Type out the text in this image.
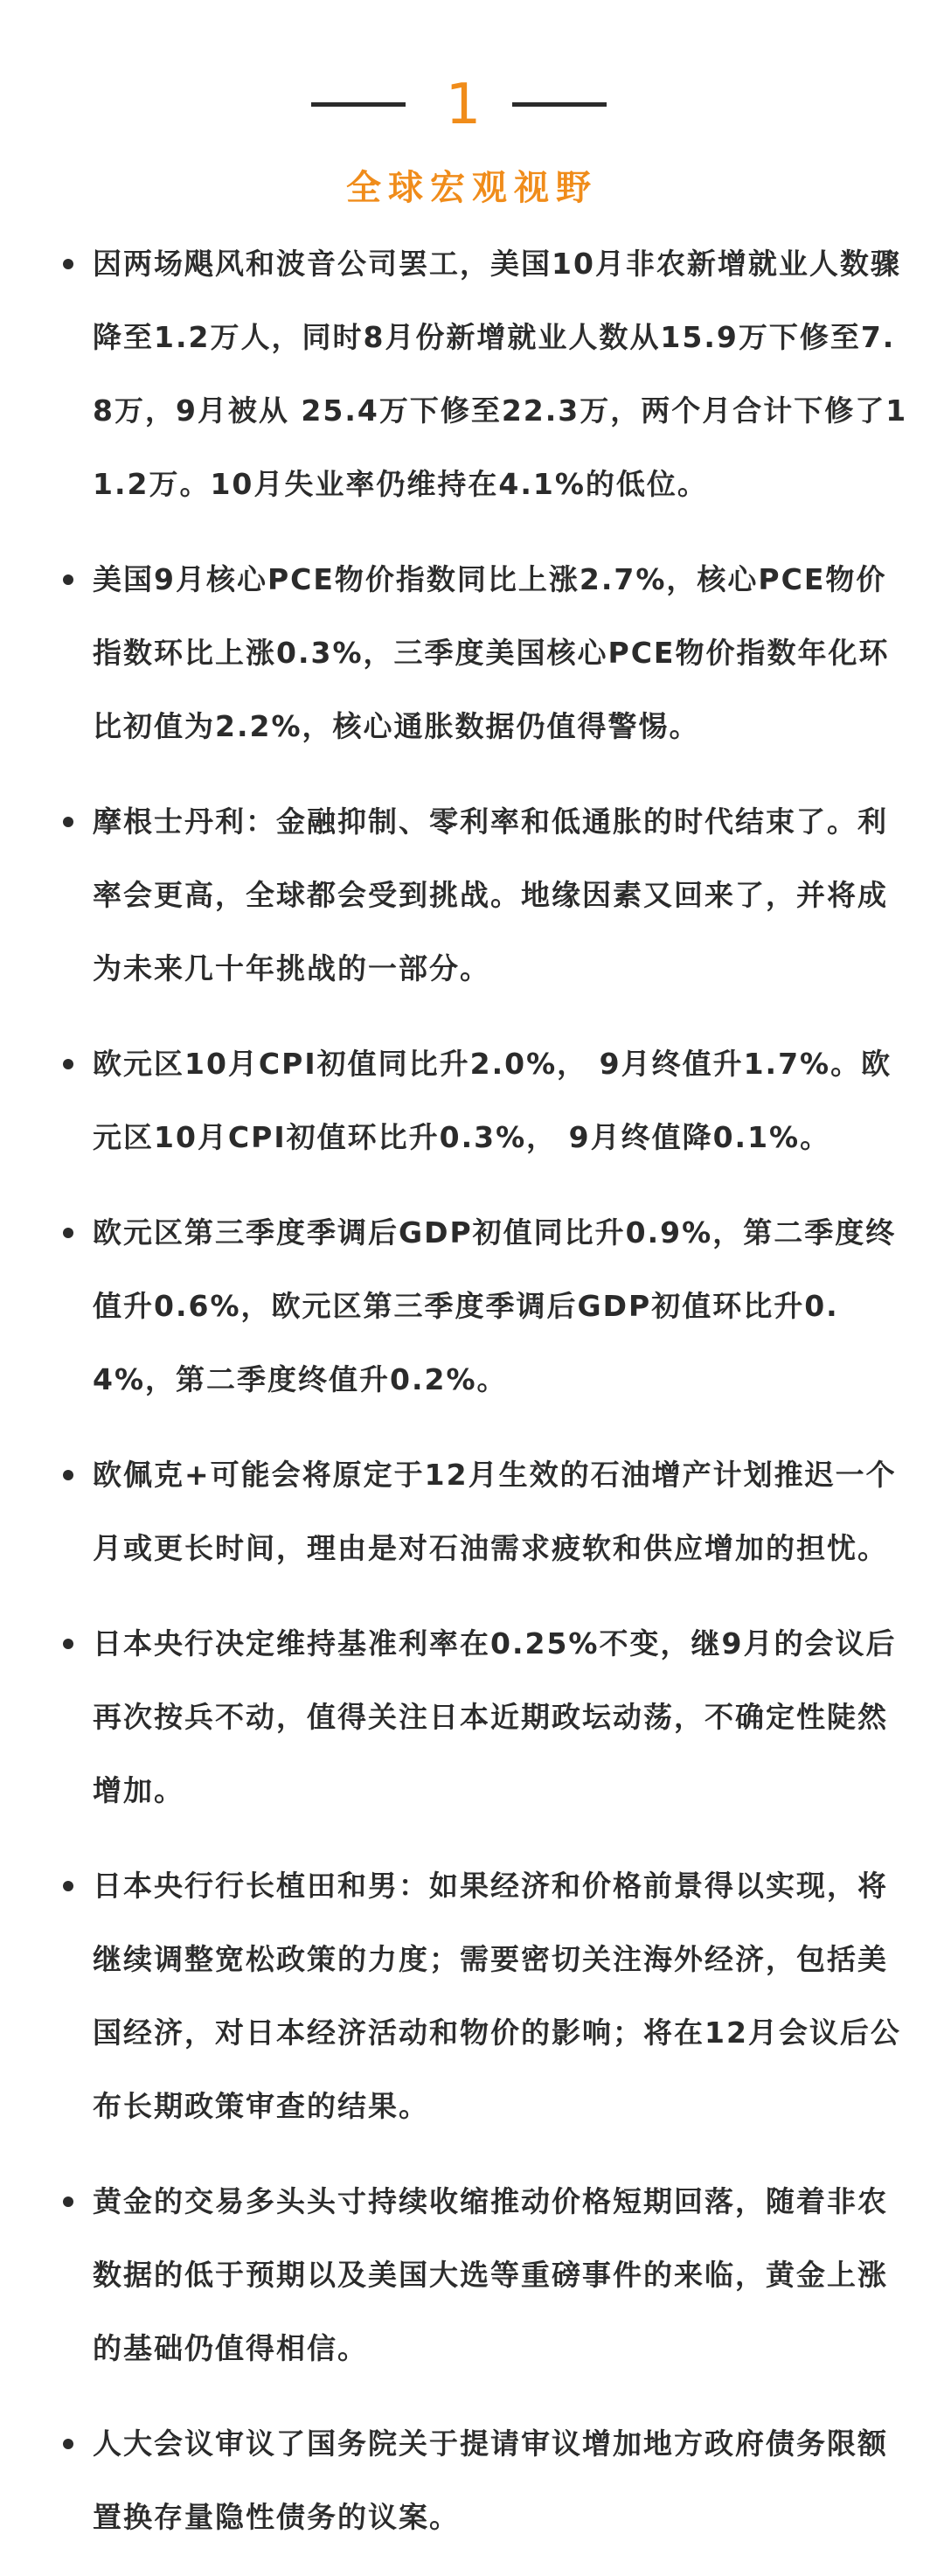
1
全球宏观视野
因两场飓风和波音公司罢工，美国10月非农新增就业人数骤降至1.2万人，同时8月份新增就业人数从15.9万下修至7.8万，9月被从 25.4万下修至22.3万，两个月合计下修了11.2万。10月失业率仍维持在4.1%的低位。
美国9月核心PCE物价指数同比上涨2.7%，核心PCE物价指数环比上涨0.3%，三季度美国核心PCE物价指数年化环比初值为2.2%，核心通胀数据仍值得警惕。
摩根士丹利：金融抑制、零利率和低通胀的时代结束了。利率会更高，全球都会受到挑战。地缘因素又回来了，并将成为未来几十年挑战的一部分。
欧元区10月CPI初值同比升2.0%， 9月终值升1.7%。欧元区10月CPI初值环比升0.3%， 9月终值降0.1%。
欧元区第三季度季调后GDP初值同比升0.9%，第二季度终值升0.6%，欧元区第三季度季调后GDP初值环比升0.4%，第二季度终值升0.2%。
欧佩克+可能会将原定于12月生效的石油增产计划推迟一个月或更长时间，理由是对石油需求疲软和供应增加的担忧。
日本央行决定维持基准利率在0.25%不变，继9月的会议后再次按兵不动，值得关注日本近期政坛动荡，不确定性陡然增加。
日本央行行长植田和男：如果经济和价格前景得以实现，将继续调整宽松政策的力度；需要密切关注海外经济，包括美国经济，对日本经济活动和物价的影响；将在12月会议后公布长期政策审查的结果。
黄金的交易多头头寸持续收缩推动价格短期回落，随着非农数据的低于预期以及美国大选等重磅事件的来临，黄金上涨的基础仍值得相信。
人大会议审议了国务院关于提请审议增加地方政府债务限额置换存量隐性债务的议案。
